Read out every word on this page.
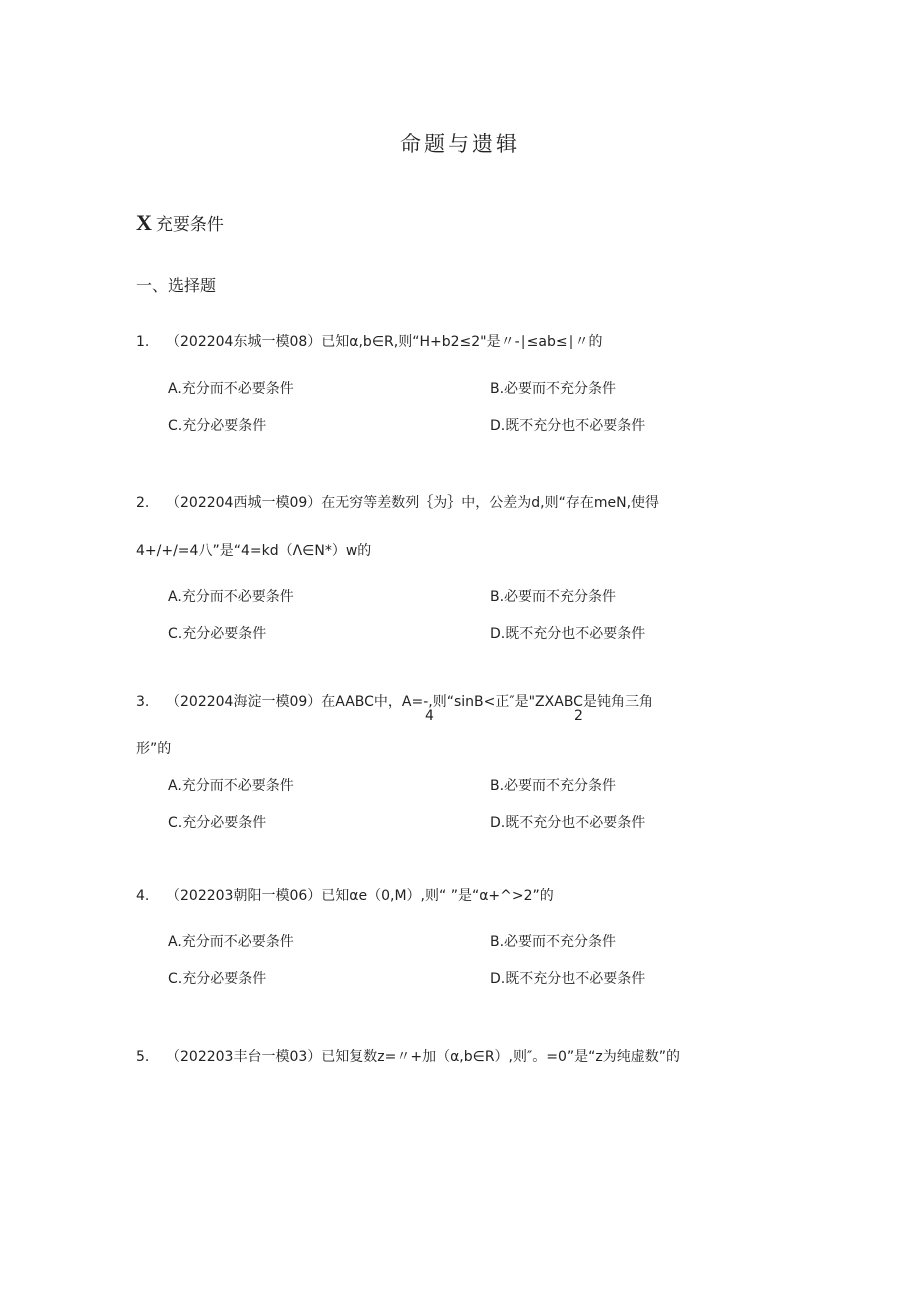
命题与遗辑
X 充要条件
一、选择题
1. （202204东城一模08）已知α,b∈R,则“H+b2≤2"是〃-∣≤ab≤∣〃的
A.充分而不必要条件	B.必要而不充分条件
C.充分必要条件	D.既不充分也不必要条件
2. （202204西城一模09）在无穷等差数列｛为｝中，公差为d,则“存在meN,使得
4+/+/=4八”是“4=kd（Λ∈N*）w的
A.充分而不必要条件	B.必要而不充分条件
C.充分必要条件	D.既不充分也不必要条件
3. （202204海淀一模09）在AABC中，A=-,则“sinB<正″是"ZXABC是钝角三角
4	2
形”的
A.充分而不必要条件	B.必要而不充分条件
C.充分必要条件	D.既不充分也不必要条件
4. （202203朝阳一模06）已知αe（0,M）,则“ ”是“α+^>2”的
A.充分而不必要条件	B.必要而不充分条件
C.充分必要条件	D.既不充分也不必要条件
5. （202203丰台一模03）已知复数z=〃+加（α,b∈R）,则″。=0”是“z为纯虚数”的
